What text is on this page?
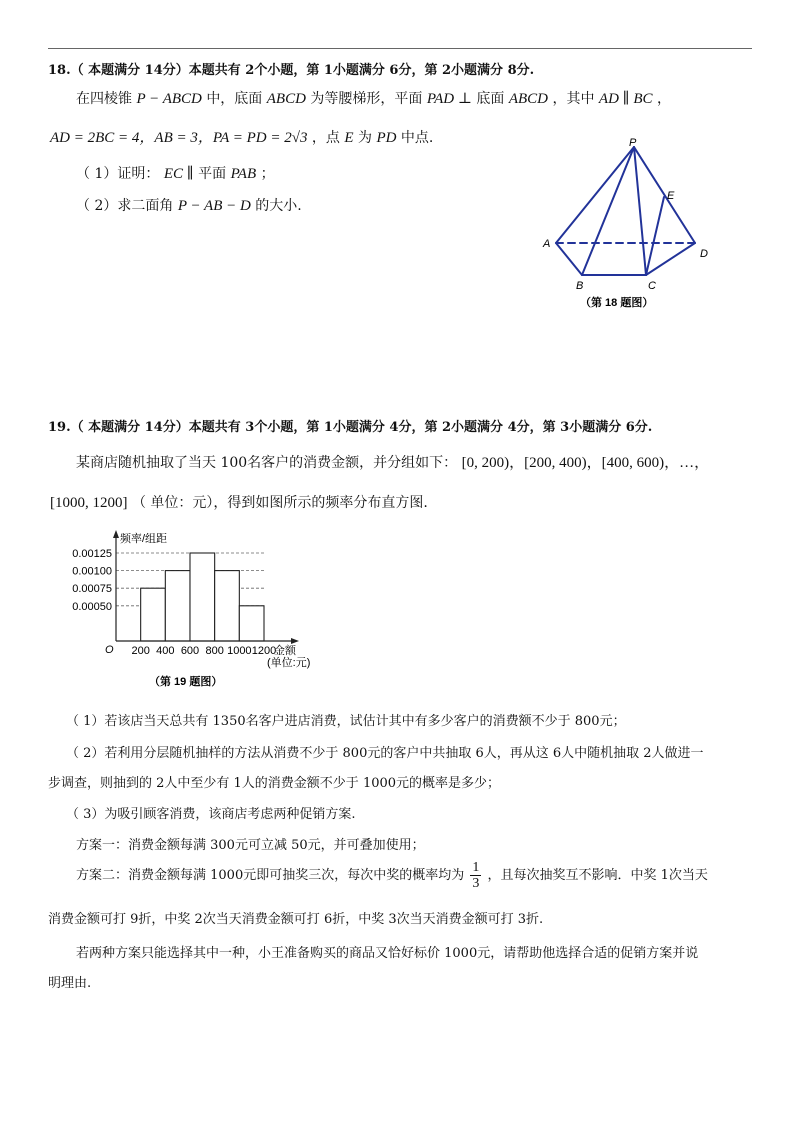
18.（ 本题满分 14分）本题共有 2个小题，第 1小题满分 6分，第 2小题满分 8分.
在四棱锥 P − ABCD 中，底面 ABCD 为等腰梯形，平面 PAD ⊥ 底面 ABCD ，其中 AD ∥ BC ，
AD = 2BC = 4，AB = 3，PA = PD = 2√3 ，点 E 为 PD 中点.
（ 1）证明： EC ∥ 平面 PAB ；
（ 2）求二面角 P − AB − D 的大小.
P
E
A
D
B	C
（第 18 题图）
19.（ 本题满分 14分）本题共有 3个小题，第 1小题满分 4分，第 2小题满分 4分，第 3小题满分 6分.
某商店随机抽取了当天 100名客户的消费金额，并分组如下： [0, 200)，[200, 400)，[400, 600)，…，
[1000, 1200] （ 单位：元），得到如图所示的频率分布直方图.
0.00050
0.00075
0.00100
0.00125
200 400 600 800 1000 1200
频率/组距
O	金额
(单位:元)
（第 19 题图）
（ 1）若该店当天总共有 1350名客户进店消费，试估计其中有多少客户的消费额不少于 800元；
（ 2）若利用分层随机抽样的方法从消费不少于 800元的客户中共抽取 6人，再从这 6人中随机抽取 2人做进一
步调查，则抽到的 2人中至少有 1人的消费金额不少于 1000元的概率是多少；
（ 3）为吸引顾客消费，该商店考虑两种促销方案.
方案一：消费金额每满 300元可立减 50元，并可叠加使用；
方案二：消费金额每满 1000元即可抽奖三次，每次中奖的概率均为 $\frac{1}{3}$ ，且每次抽奖互不影响．中奖 1次当天
消费金额可打 9折，中奖 2次当天消费金额可打 6折，中奖 3次当天消费金额可打 3折.
若两种方案只能选择其中一种，小王准备购买的商品又恰好标价 1000元，请帮助他选择合适的促销方案并说
明理由.
